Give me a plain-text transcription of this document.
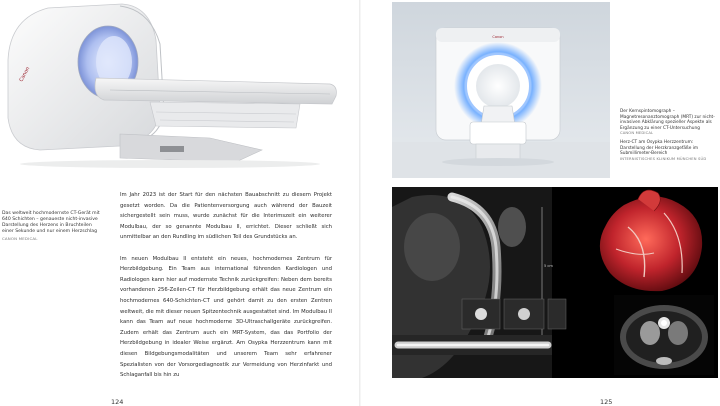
Canon
Das weltweit hochmodernste CT-Gerät mit 640 Schichten – genaueste nicht-invasive Darstellung des Herzens in Bruchteilen einer Sekunde und nur einem Herzschlag
CANON MEDICAL

Im Jahr 2023 ist der Start für den nächsten Bauabschnitt zu diesem Projekt gesetzt worden. Da die Patientenversorgung auch während der Bauzeit sichergestellt sein muss, wurde zunächst für die Interimszeit ein weiterer Modulbau, der so genannte Modulbau II, errichtet. Dieser schließt sich unmittelbar an den Rundling im südlichen Teil des Grundstücks an.

Im neuen Modulbau II entsteht ein neues, hochmodernes Zentrum für Herzbildgebung. Ein Team aus international führenden Kardiologen und Radiologen kann hier auf modernste Technik zurückgreifen: Neben dem bereits vorhandenen 256-Zeilen-CT für Herzbildgebung erhält das neue Zentrum ein hochmodernes 640-Schichten-CT und gehört damit zu den ersten Zentren weltweit, die mit dieser neuen Spitzentechnik ausgestattet sind. Im Modulbau II kann das Team auf neue hochmoderne 3D-Ultraschallgeräte zurückgreifen. Zudem erhält das Zentrum auch ein MRT-System, das das Portfolio der Herzbildgebung in idealer Weise ergänzt. Am Osypka Herzzentrum kann mit diesen Bildgebungsmodalitäten und unserem Team sehr erfahrener Spezialisten von der Vorsorgediagnostik zur Vermeidung von Herzinfarkt und Schlaganfall bis hin zu

124
Canon
Der Kernspintomograph – Magnetresonanztomograph (MRT) zur nicht-invasiven Abklärung spezieller Aspekte als Ergänzung zu einer CT-Untersuchung
CANON MEDICAL
Herz-CT am Osypka Herzzentrum: Darstellung der Herzkranzgefäße im Submillimeter-Bereich
INTERNISTISCHES KLINIKUM MÜNCHEN SÜD
5 cm
125
